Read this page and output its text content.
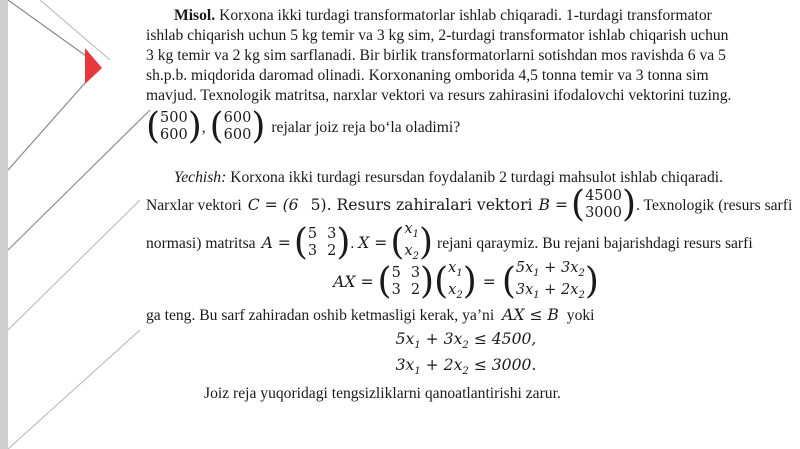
Misol. Korxona ikki turdagi transformatorlar ishlab chiqaradi. 1-turdagi transformator
ishlab chiqarish uchun 5 kg temir va 3 kg sim, 2-turdagi transformator ishlab chiqarish uchun
3 kg temir va 2 kg sim sarflanadi. Bir birlik transformatorlarni sotishdan mos ravishda 6 va 5
sh.p.b. miqdorida daromad olinadi. Korxonaning omborida 4,5 tonna temir va 3 tonna sim
mavjud. Texnologik matritsa, narxlar vektori va resurs zahirasini ifodalovchi vektorini tuzing.
( 500
600 ) , ( 600
600 ) rejalar joiz reja bo‘la oladimi?
Yechish: Korxona ikki turdagi resursdan foydalanib 2 turdagi mahsulot ishlab chiqaradi.
Narxlar vektori C = (6 5). Resurs zahiralari vektori B = ( 4500
3000 ) . Texnologik (resurs sarfi
normasi) matritsa A = ( 5 3
3 2 ) . X = ( $x_1$
$x_2$ ) rejani qaraymiz. Bu rejani bajarishdagi resurs sarfi
AX = ( 5 3
3 2 ) ( $x_1$
$x_2$ ) = ( $5x_1 + 3x_2$
$3x_1 + 2x_2$ )
ga teng. Bu sarf zahiradan oshib ketmasligi kerak, ya’ni AX ≤ B yoki
$5x_1 + 3x_2 \le 4500$,
$3x_1 + 2x_2 \le 3000$.
Joiz reja yuqoridagi tengsizliklarni qanoatlantirishi zarur.
